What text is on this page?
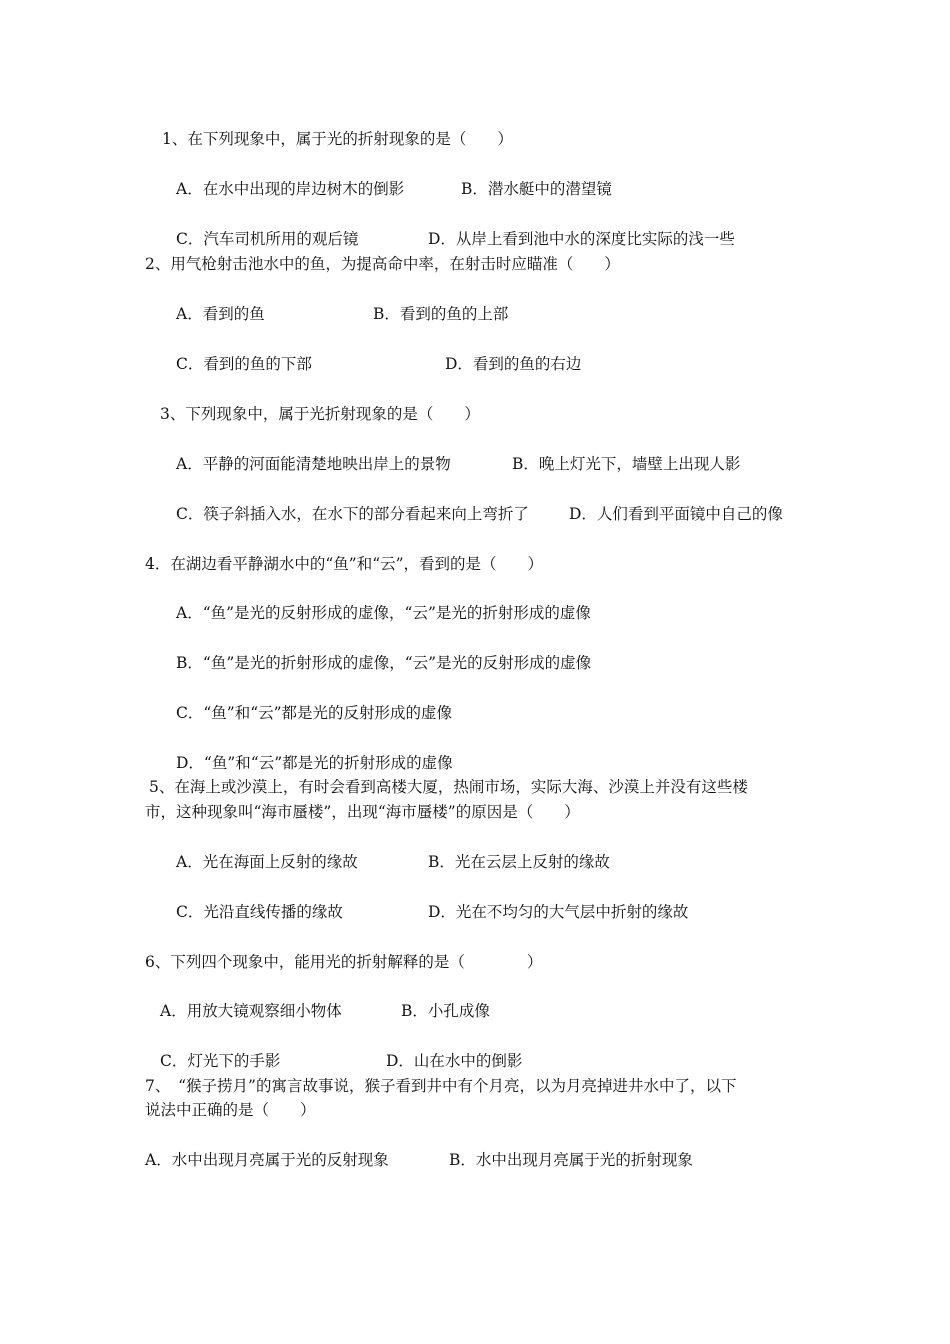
1、在下列现象中，属于光的折射现象的是（　　）
A．在水中出现的岸边树木的倒影	B．潜水艇中的潜望镜
C．汽车司机所用的观后镜	D．从岸上看到池中水的深度比实际的浅一些
2、用气枪射击池水中的鱼，为提高命中率，在射击时应瞄准（　　）
A．看到的鱼	B．看到的鱼的上部
C．看到的鱼的下部	D．看到的鱼的右边
3、下列现象中，属于光折射现象的是（　　）
A．平静的河面能清楚地映出岸上的景物	B．晚上灯光下，墙壁上出现人影
C．筷子斜插入水，在水下的部分看起来向上弯折了	D．人们看到平面镜中自己的像
4．在湖边看平静湖水中的“鱼”和“云”，看到的是（　　）
A．“鱼”是光的反射形成的虚像，“云”是光的折射形成的虚像
B．“鱼”是光的折射形成的虚像，“云”是光的反射形成的虚像
C．“鱼”和“云”都是光的反射形成的虚像
D．“鱼”和“云”都是光的折射形成的虚像
5、在海上或沙漠上，有时会看到高楼大厦，热闹市场，实际大海、沙漠上并没有这些楼
市，这种现象叫“海市蜃楼”，出现“海市蜃楼”的原因是（　　）
A．光在海面上反射的缘故	B．光在云层上反射的缘故
C．光沿直线传播的缘故	D．光在不均匀的大气层中折射的缘故
6、下列四个现象中，能用光的折射解释的是（　　　　）
A．用放大镜观察细小物体	B．小孔成像
C．灯光下的手影	D．山在水中的倒影
7、　“猴子捞月”的寓言故事说，猴子看到井中有个月亮，以为月亮掉进井水中了，以下
说法中正确的是（　　）
A．水中出现月亮属于光的反射现象	B．水中出现月亮属于光的折射现象
